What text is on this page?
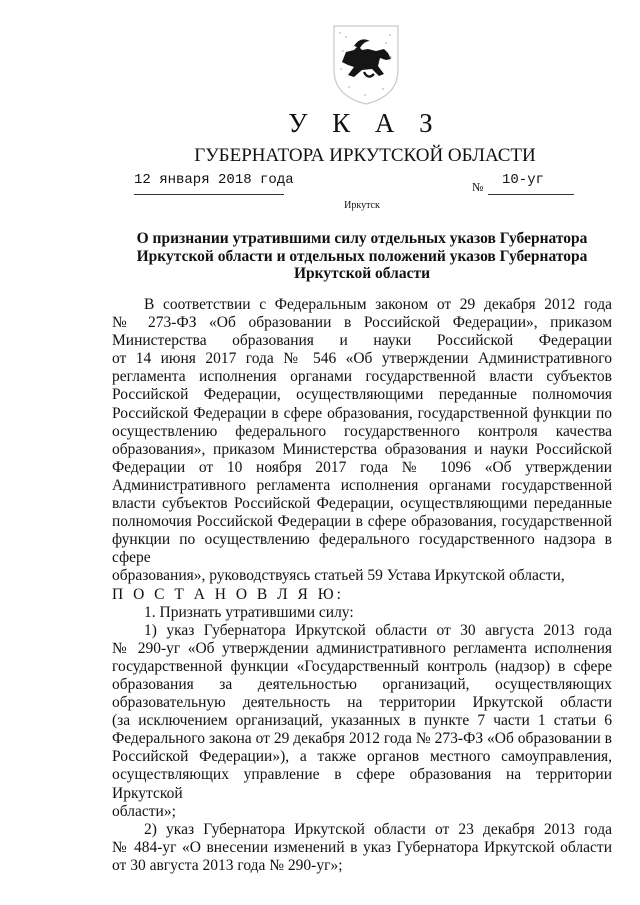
У К А З
ГУБЕРНАТОРА ИРКУТСКОЙ ОБЛАСТИ
12 января 2018 года	№ 10-уг
Иркутск
О признании утратившими силу отдельных указов Губернатора
Иркутской области и отдельных положений указов Губернатора
Иркутской области

В соответствии с Федеральным законом от 29 декабря 2012 года
№ 273-ФЗ «Об образовании в Российской Федерации», приказом
Министерства образования и науки Российской Федерации
от 14 июня 2017 года № 546 «Об утверждении Административного
регламента исполнения органами государственной власти субъектов
Российской Федерации, осуществляющими переданные полномочия
Российской Федерации в сфере образования, государственной функции по
осуществлению федерального государственного контроля качества
образования», приказом Министерства образования и науки Российской
Федерации от 10 ноября 2017 года № 1096 «Об утверждении
Административного регламента исполнения органами государственной
власти субъектов Российской Федерации, осуществляющими переданные
полномочия Российской Федерации в сфере образования, государственной
функции по осуществлению федерального государственного надзора в сфере
образования», руководствуясь статьей 59 Устава Иркутской области,

П О С Т А Н О В Л Я Ю:

1. Признать утратившими силу:

1) указ Губернатора Иркутской области от 30 августа 2013 года
№ 290-уг «Об утверждении административного регламента исполнения
государственной функции «Государственный контроль (надзор) в сфере
образования за деятельностью организаций, осуществляющих
образовательную деятельность на территории Иркутской области
(за исключением организаций, указанных в пункте 7 части 1 статьи 6
Федерального закона от 29 декабря 2012 года № 273-ФЗ «Об образовании в
Российской Федерации»), а также органов местного самоуправления,
осуществляющих управление в сфере образования на территории Иркутской
области»;

2) указ Губернатора Иркутской области от 23 декабря 2013 года
№ 484-уг «О внесении изменений в указ Губернатора Иркутской области
от 30 августа 2013 года № 290-уг»;
